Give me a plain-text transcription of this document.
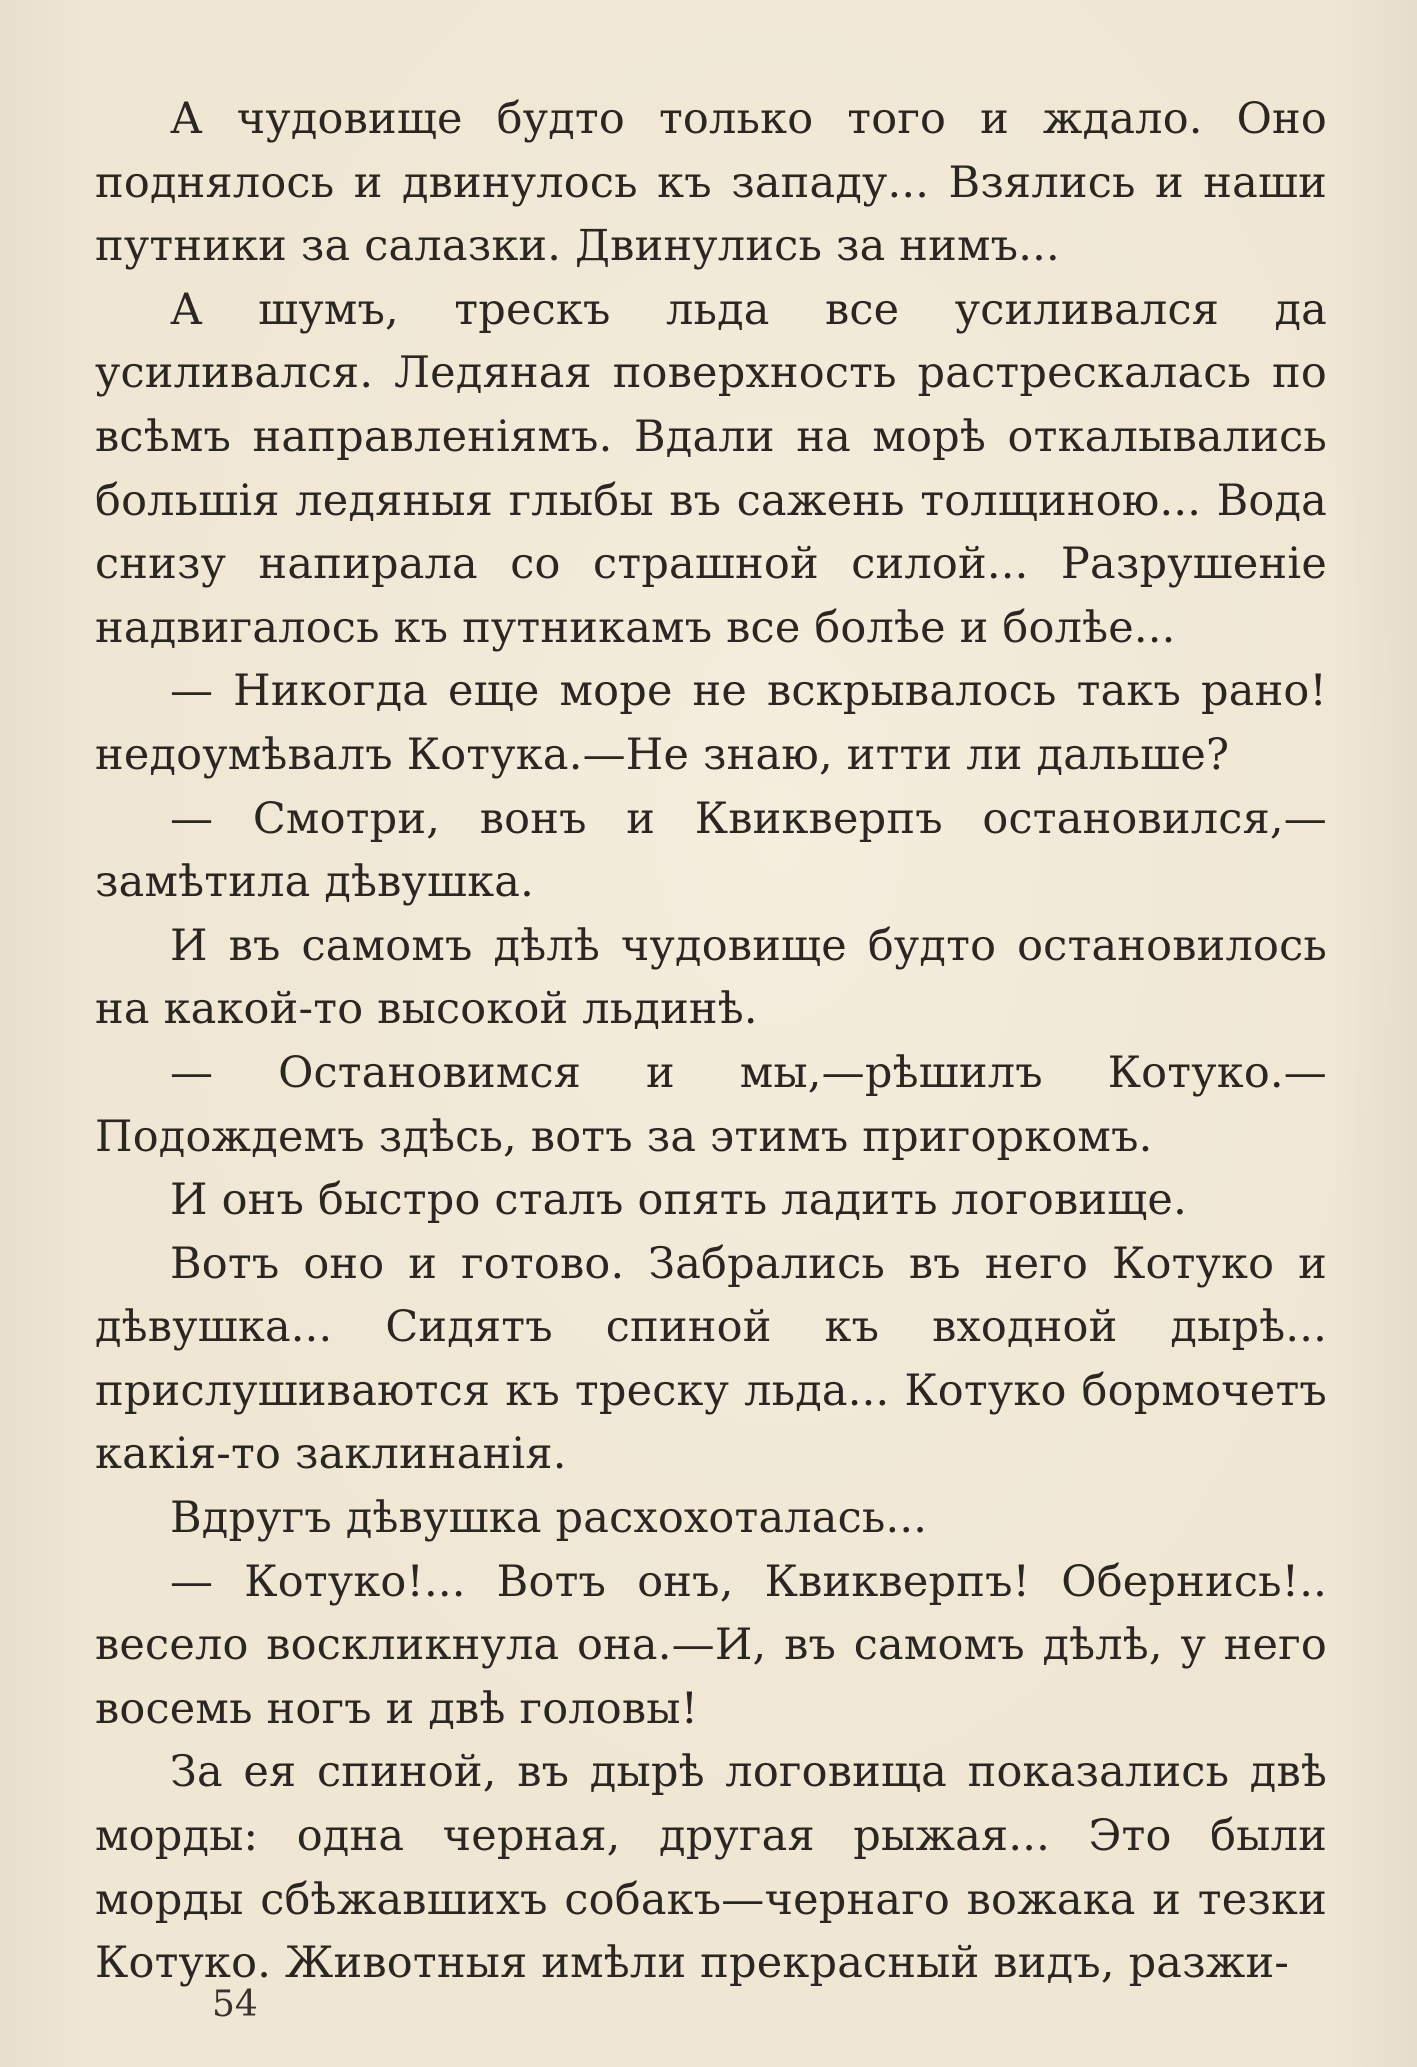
А чудовище будто только того и ждало. Оно поднялось и двинулось къ западу... Взялись и наши путники за салазки. Двинулись за нимъ...

А шумъ, трескъ льда все усиливался да усиливался. Ледяная поверхность растрескалась по всѣмъ направленіямъ. Вдали на морѣ откалывались большія ледяныя глыбы въ сажень толщиною... Вода снизу напирала со страшной силой... Разрушеніе надвигалось къ путникамъ все болѣе и болѣе...

— Никогда еще море не вскрывалось такъ рано! недоумѣвалъ Котука.—Не знаю, итти ли дальше?

— Смотри, вонъ и Квикверпъ остановился,— замѣтила дѣвушка.

И въ самомъ дѣлѣ чудовище будто остановилось на какой-то высокой льдинѣ.

— Остановимся и мы,—рѣшилъ Котуко.—Подождемъ здѣсь, вотъ за этимъ пригоркомъ.

И онъ быстро сталъ опять ладить логовище.

Вотъ оно и готово. Забрались въ него Котуко и дѣвушка... Сидятъ спиной къ входной дырѣ... прислушиваются къ треску льда... Котуко бормочетъ какія-то заклинанія.

Вдругъ дѣвушка расхохоталась...

— Котуко!... Вотъ онъ, Квикверпъ! Обернись!.. весело воскликнула она.—И, въ самомъ дѣлѣ, у него восемь ногъ и двѣ головы!

За ея спиной, въ дырѣ логовища показались двѣ морды: одна черная, другая рыжая... Это были морды сбѣжавшихъ собакъ—чернаго вожака и тезки Котуко. Животныя имѣли прекрасный видъ, разжи-

54
